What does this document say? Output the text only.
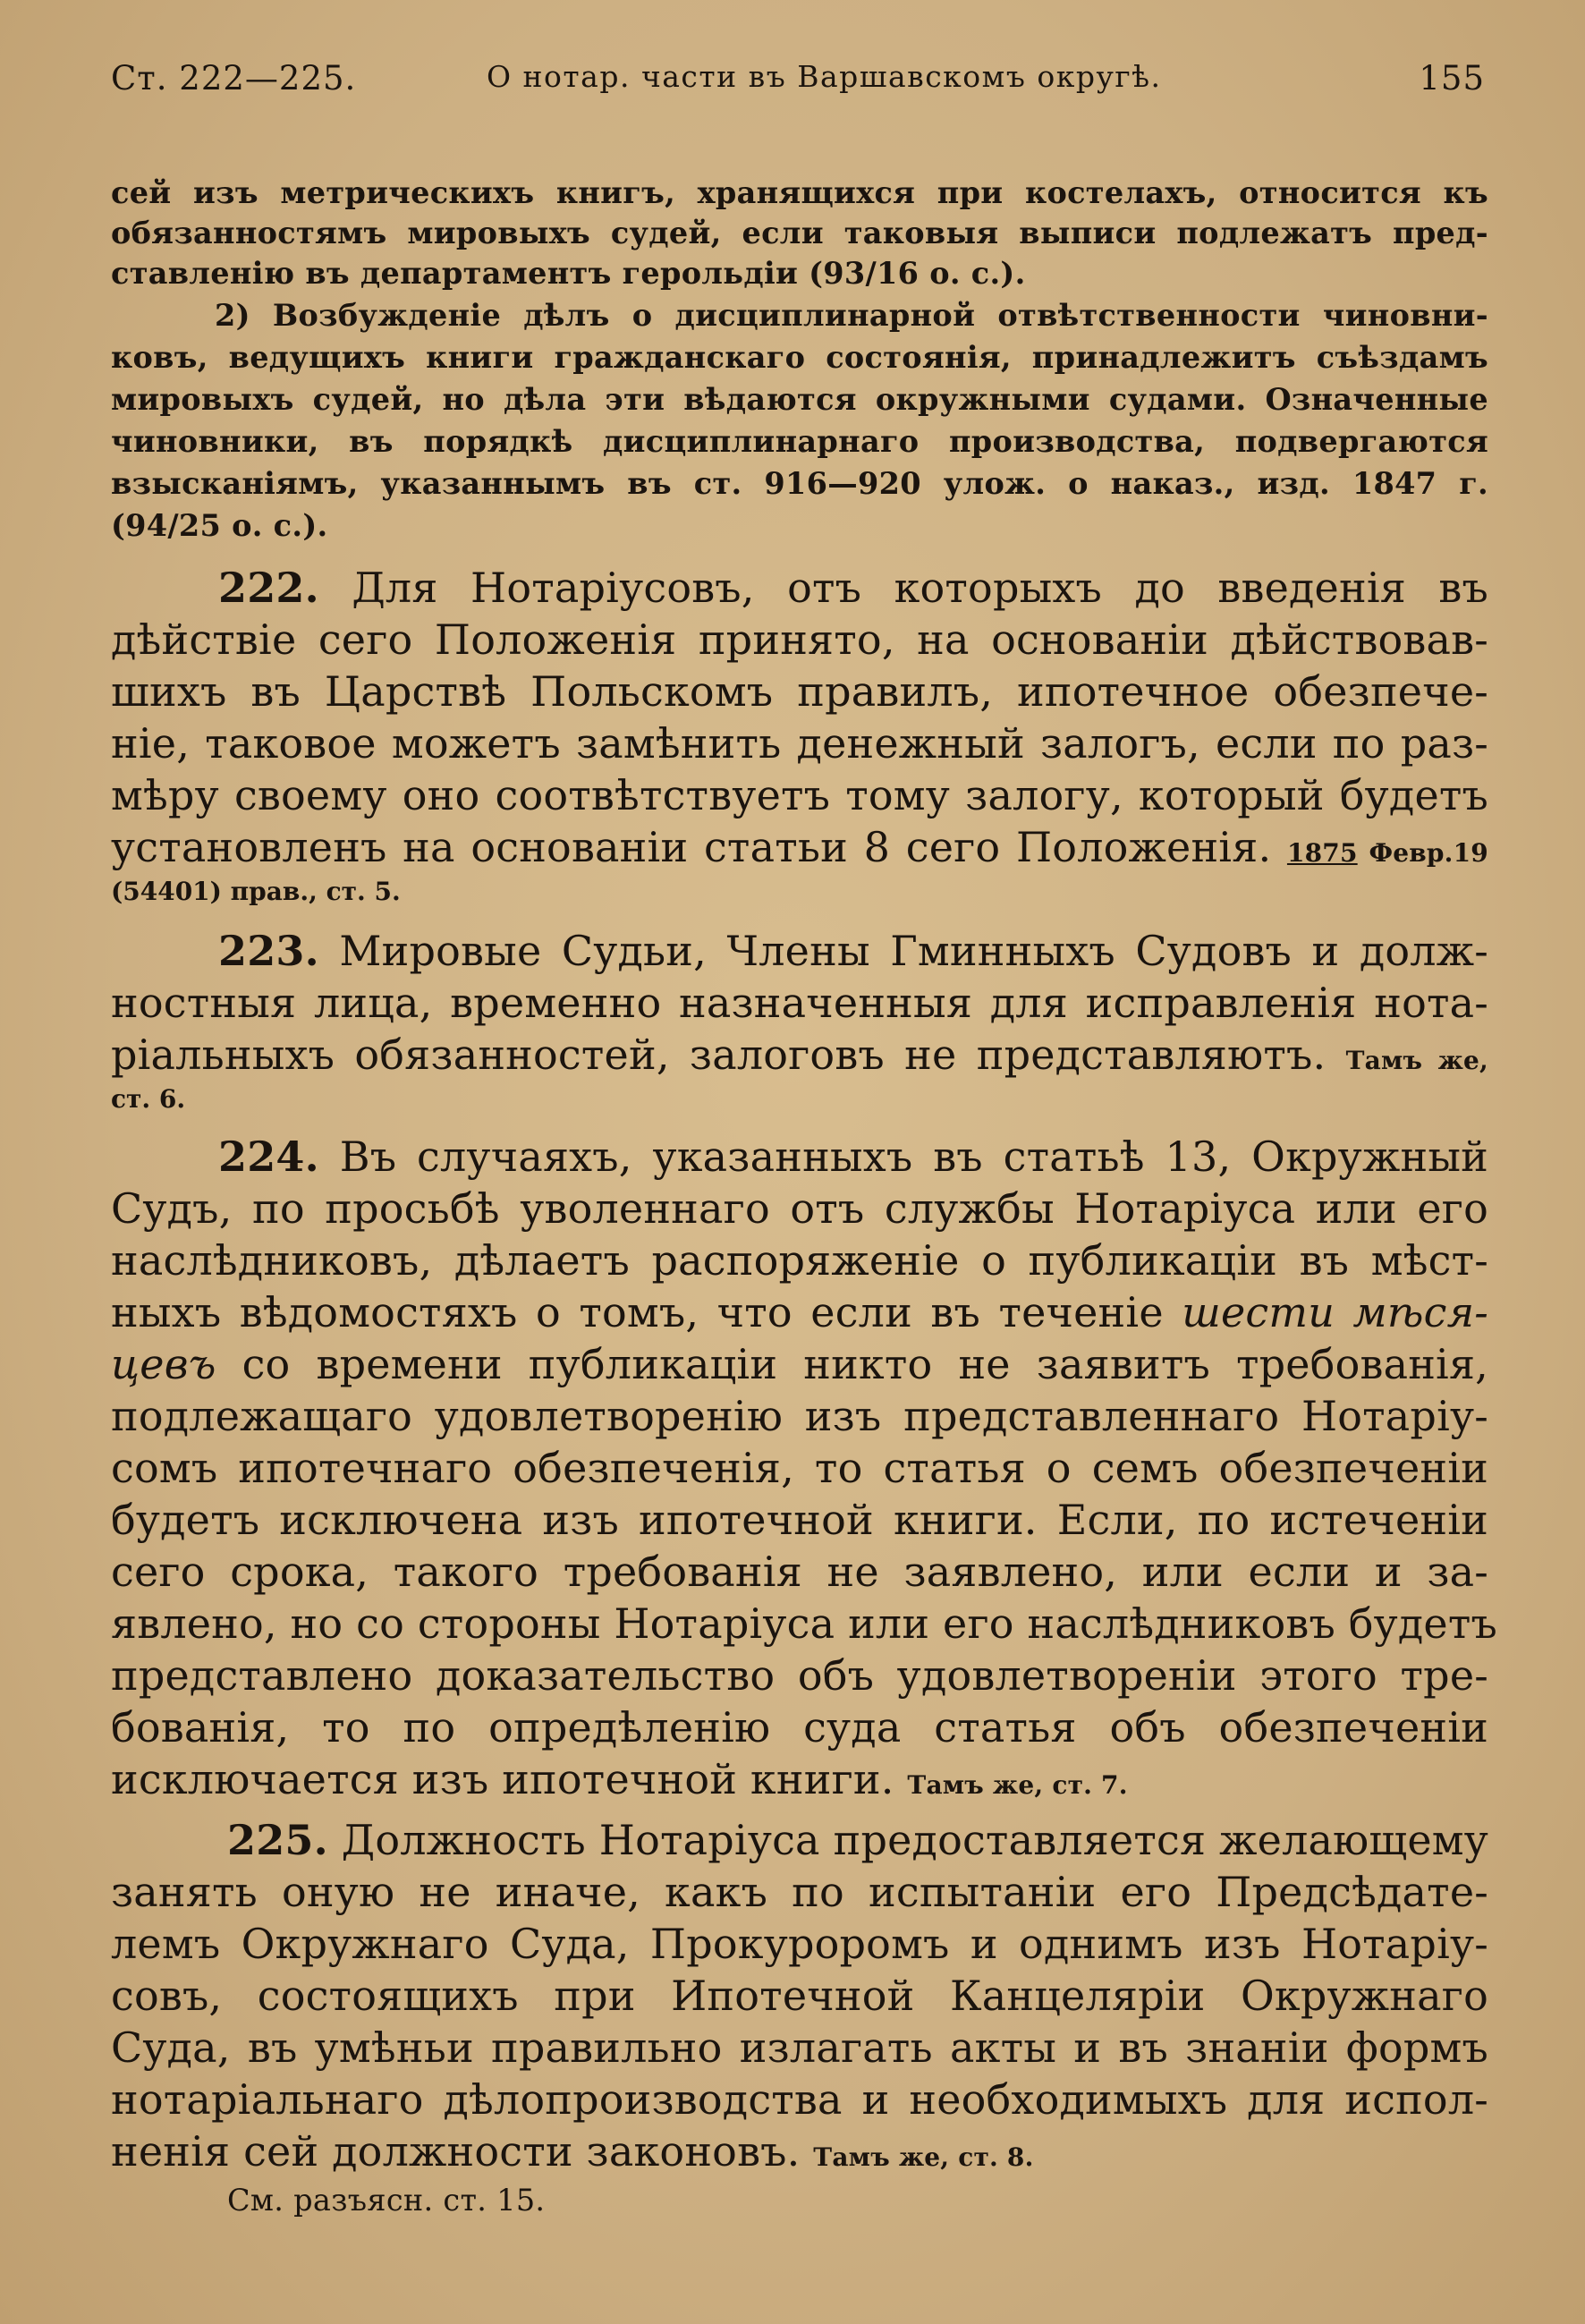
Ст. 222—225.	О нотар. части въ Варшавскомъ округѣ.	155
сей изъ метрическихъ книгъ, хранящихся при костелахъ, относится къ
обязанностямъ мировыхъ судей, если таковыя выписи подлежатъ пред-
ставленію въ департаментъ герольдіи (93/16 о. с.).
2) Возбужденіе дѣлъ о дисциплинарной отвѣтственности чиновни-
ковъ, ведущихъ книги гражданскаго состоянія, принадлежитъ съѣздамъ
мировыхъ судей, но дѣла эти вѣдаются окружными судами. Означенные
чиновники, въ порядкѣ дисциплинарнаго производства, подвергаются
взысканіямъ, указаннымъ въ ст. 916—920 улож. о наказ., изд. 1847 г.
(94/25 о. с.).
222. Для Нотаріусовъ, отъ которыхъ до введенія въ
дѣйствіе сего Положенія принято, на основаніи дѣйствовав-
шихъ въ Царствѣ Польскомъ правилъ, ипотечное обезпече-
ніе, таковое можетъ замѣнить денежный залогъ, если по раз-
мѣру своему оно соотвѣтствуетъ тому залогу, который будетъ
установленъ на основаніи статьи 8 сего Положенія. 1875 Февр.19
(54401) прав., ст. 5.
223. Мировые Судьи, Члены Гминныхъ Судовъ и долж-
ностныя лица, временно назначенныя для исправленія нота-
ріальныхъ обязанностей, залоговъ не представляютъ. Тамъ же,
ст. 6.
224. Въ случаяхъ, указанныхъ въ статьѣ 13, Окружный
Судъ, по просьбѣ уволеннаго отъ службы Нотаріуса или его
наслѣдниковъ, дѣлаетъ распоряженіе о публикаціи въ мѣст-
ныхъ вѣдомостяхъ о томъ, что если въ теченіе шести мѣся-
цевъ со времени публикаціи никто не заявитъ требованія,
подлежащаго удовлетворенію изъ представленнаго Нотаріу-
сомъ ипотечнаго обезпеченія, то статья о семъ обезпеченіи
будетъ исключена изъ ипотечной книги. Если, по истеченіи
сего срока, такого требованія не заявлено, или если и за-
явлено, но со стороны Нотаріуса или его наслѣдниковъ будетъ
представлено доказательство объ удовлетвореніи этого тре-
бованія, то по опредѣленію суда статья объ обезпеченіи
исключается изъ ипотечной книги. Тамъ же, ст. 7.
225. Должность Нотаріуса предоставляется желающему
занять оную не иначе, какъ по испытаніи его Предсѣдате-
лемъ Окружнаго Суда, Прокуроромъ и однимъ изъ Нотаріу-
совъ, состоящихъ при Ипотечной Канцеляріи Окружнаго
Суда, въ умѣньи правильно излагать акты и въ знаніи формъ
нотаріальнаго дѣлопроизводства и необходимыхъ для испол-
ненія сей должности законовъ. Тамъ же, ст. 8.
См. разъясн. ст. 15.
